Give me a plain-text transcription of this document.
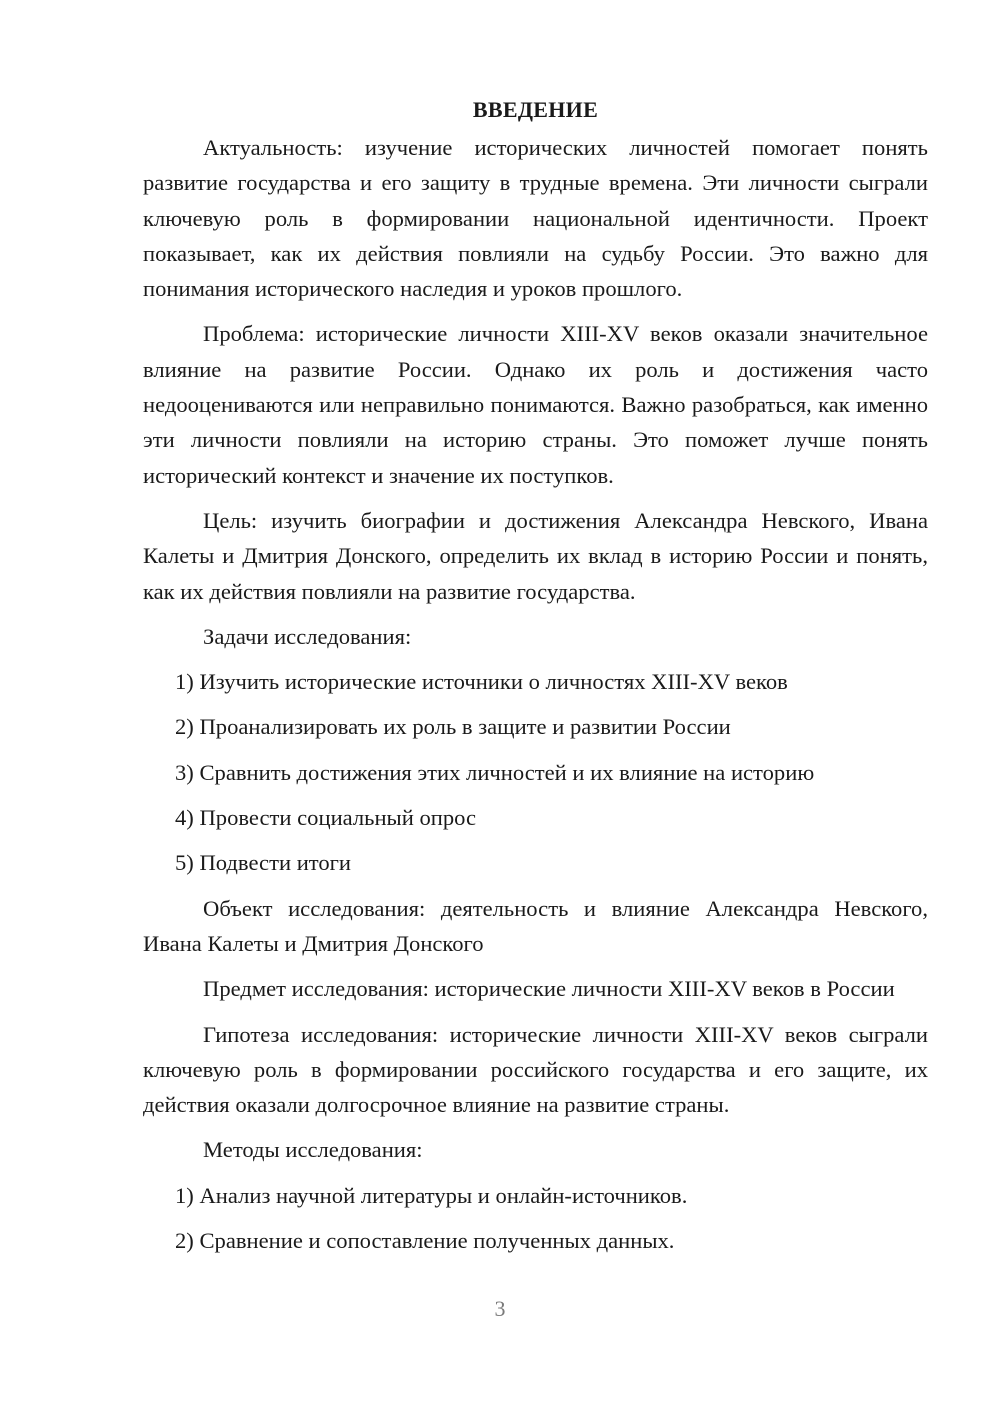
ВВЕДЕНИЕ

Актуальность: изучение исторических личностей помогает понять развитие государства и его защиту в трудные времена. Эти личности сыграли ключевую роль в формировании национальной идентичности. Проект показывает, как их действия повлияли на судьбу России. Это важно для понимания исторического наследия и уроков прошлого.

Проблема: исторические личности XIII-XV веков оказали значительное влияние на развитие России. Однако их роль и достижения часто недооцениваются или неправильно понимаются. Важно разобраться, как именно эти личности повлияли на историю страны. Это поможет лучше понять исторический контекст и значение их поступков.

Цель: изучить биографии и достижения Александра Невского, Ивана Калеты и Дмитрия Донского, определить их вклад в историю России и понять, как их действия повлияли на развитие государства.

Задачи исследования:

1) Изучить исторические источники о личностях XIII-XV веков
2) Проанализировать их роль в защите и развитии России
3) Сравнить достижения этих личностей и их влияние на историю
4) Провести социальный опрос
5) Подвести итоги

Объект исследования: деятельность и влияние Александра Невского, Ивана Калеты и Дмитрия Донского

Предмет исследования: исторические личности XIII-XV веков в России

Гипотеза исследования: исторические личности XIII-XV веков сыграли ключевую роль в формировании российского государства и его защите, их действия оказали долгосрочное влияние на развитие страны.

Методы исследования:

1) Анализ научной литературы и онлайн-источников.
2) Сравнение и сопоставление полученных данных.
3
